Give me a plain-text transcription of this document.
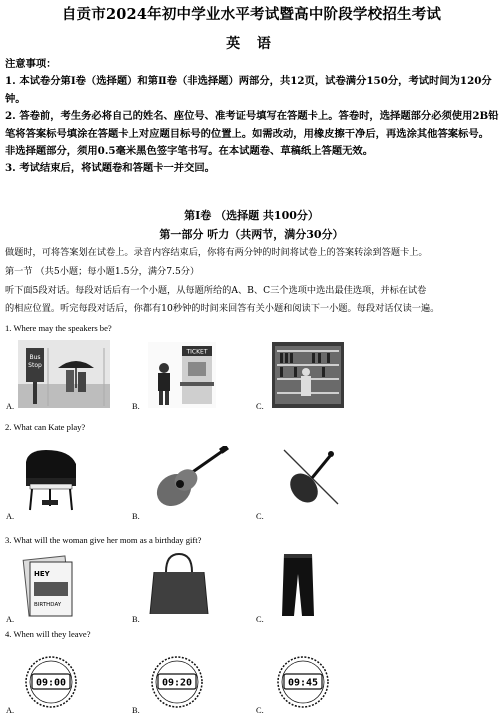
自贡市2024年初中学业水平考试暨高中阶段学校招生考试
英 语

注意事项：

1. 本试卷分第Ⅰ卷（选择题）和第Ⅱ卷（非选择题）两部分，共12页，试卷满分150分，考试时间为120分钟。

2. 答卷前，考生务必将自己的姓名、座位号、准考证号填写在答题卡上。答卷时，选择题部分必须使用2B铅笔将答案标号填涂在答题卡上对应题目标号的位置上。如需改动，用橡皮擦干净后，再选涂其他答案标号。非选择题部分，须用0.5毫米黑色签字笔书写。在本试题卷、草稿纸上答题无效。

3. 考试结束后，将试题卷和答题卡一并交回。

第Ⅰ卷 （选择题 共100分）
第一部分 听力（共两节，满分30分）
做题时，可将答案划在试卷上。录音内容结束后，你将有两分钟的时间将试卷上的答案转涂到答题卡上。
第一节 （共5小题；每小题1.5分，满分7.5分）
听下面5段对话。每段对话后有一个小题，从每题所给的A、B、C三个选项中选出最佳选项，并标在试卷
的相应位置。听完每段对话后，你都有10秒钟的时间来回答有关小题和阅读下一小题。每段对话仅读一遍。
1. Where may the speakers be?
A.	B.	C.
Bus
Stop
TICKET
2. What can Kate play?
A.	B.	C.
3. What will the woman give her mom as a birthday gift?
A.	B.	C.
HEY
BIRTHDAY
4. When will they leave?
A.	B.	C.
09:00	09:20	09:45
